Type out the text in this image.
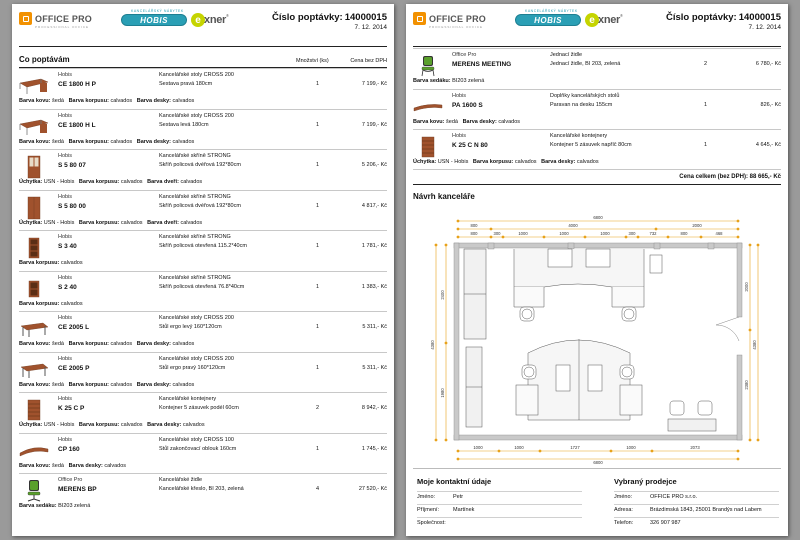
OFFICE PRO
PROFESSIONAL OFFICE
KANCELÁŘSKÝ NÁBYTEK
HOBIS	e xner ®	Číslo poptávky: 14000015
7. 12. 2014
Co poptávám	Množství (ks)	Cena bez DPH
Hobis
CE 1800 H P
Kancelářské stoly CROSS 200
Sestava pravá 180cm	1	7 199,- Kč
Barva kovu: šedá Barva korpusu: calvados Barva desky: calvados
Hobis
CE 1800 H L
Kancelářské stoly CROSS 200
Sestava levá 180cm	1	7 199,- Kč
Barva kovu: šedá Barva korpusu: calvados Barva desky: calvados
Hobis
S 5 80 07
Kancelářské skříně STRONG
Skříň policová dvéřová 192*80cm	1	5 206,- Kč
Úchytka: USN - Hobis Barva korpusu: calvados Barva dveří: calvados
Hobis
S 5 80 00
Kancelářské skříně STRONG
Skříň policová dvéřová 192*80cm	1	4 817,- Kč
Úchytka: USN - Hobis Barva korpusu: calvados Barva dveří: calvados
Hobis
S 3 40
Kancelářské skříně STRONG
Skříň policová otevřená 115.2*40cm	1	1 781,- Kč
Barva korpusu: calvados
Hobis
S 2 40
Kancelářské skříně STRONG
Skříň policová otevřená 76.8*40cm	1	1 383,- Kč
Barva korpusu: calvados
Hobis
CE 2005 L
Kancelářské stoly CROSS 200
Stůl ergo levý 160*120cm	1	5 311,- Kč
Barva kovu: šedá Barva korpusu: calvados Barva desky: calvados
Hobis
CE 2005 P
Kancelářské stoly CROSS 200
Stůl ergo pravý 160*120cm	1	5 311,- Kč
Barva kovu: šedá Barva korpusu: calvados Barva desky: calvados
Hobis
K 25 C P
Kancelářské kontejnery
Kontejner 5 zásuvek podél 60cm	2	8 942,- Kč
Úchytka: USN - Hobis Barva korpusu: calvados Barva desky: calvados
Hobis
CP 160
Kancelářské stoly CROSS 100
Stůl zakončovací oblouk 160cm	1	1 745,- Kč
Barva kovu: šedá Barva desky: calvados
Office Pro
MERENS BP
Kancelářské židle
Kancelářské křeslo, BI 203, zelená	4	27 520,- Kč
Barva sedáku: BI203 zelená
OFFICE PRO
PROFESSIONAL OFFICE
KANCELÁŘSKÝ NÁBYTEK
HOBIS	e xner ®	Číslo poptávky: 14000015
7. 12. 2014
Office Pro
MERENS MEETING
Jednací židle
Jednací židle, BI 203, zelená	2	6 780,- Kč
Barva sedáku: BI203 zelená
Hobis
PA 1600 S
Doplňky kancelářských stolů
Paravan na desku 155cm	1	826,- Kč
Barva kovu: šedá Barva desky: calvados
Hobis
K 25 C N 80
Kancelářské kontejnery
Kontejner 5 zásuvek napříč 80cm	1	4 645,- Kč
Úchytka: USN - Hobis Barva korpusu: calvados Barva desky: calvados
Cena celkem (bez DPH): 88 665,- Kč
Návrh kanceláře
6800
800	4000	2000
800	300	1000	1000	1000	300	732	800	468
1000	1000	1727	1000	2073
6800
4380
2400
1980
4380
2000
2380
Moje kontaktní údaje	Vybraný prodejce
Jméno:	Petr
Příjmení:	Martínek
Společnost:
Jméno:	OFFICE PRO s.r.o.
Adresa:	Brázdimská 1843, 25001 Brandýs nad Labem
Telefon:	326 907 987
